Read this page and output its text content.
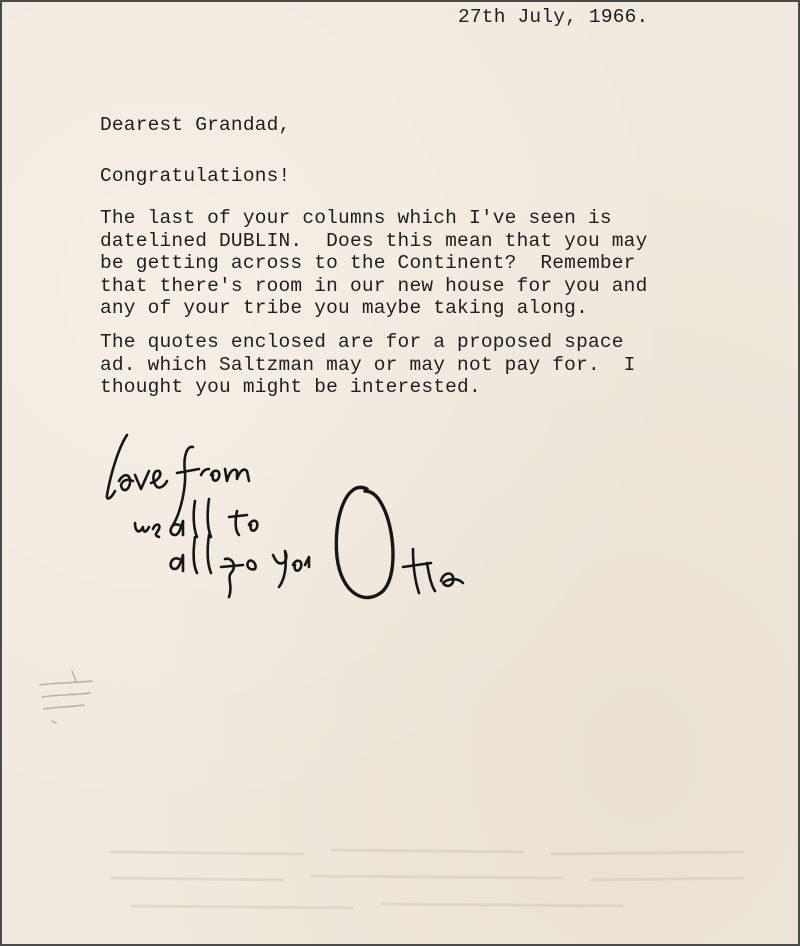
27th July, 1966.
Dearest Grandad,
Congratulations!
The last of your columns which I've seen is
datelined DUBLIN.  Does this mean that you may
be getting across to the Continent?  Remember
that there's room in our new house for you and
any of your tribe you maybe taking along.
The quotes enclosed are for a proposed space
ad. which Saltzman may or may not pay for.  I
thought you might be interested.
